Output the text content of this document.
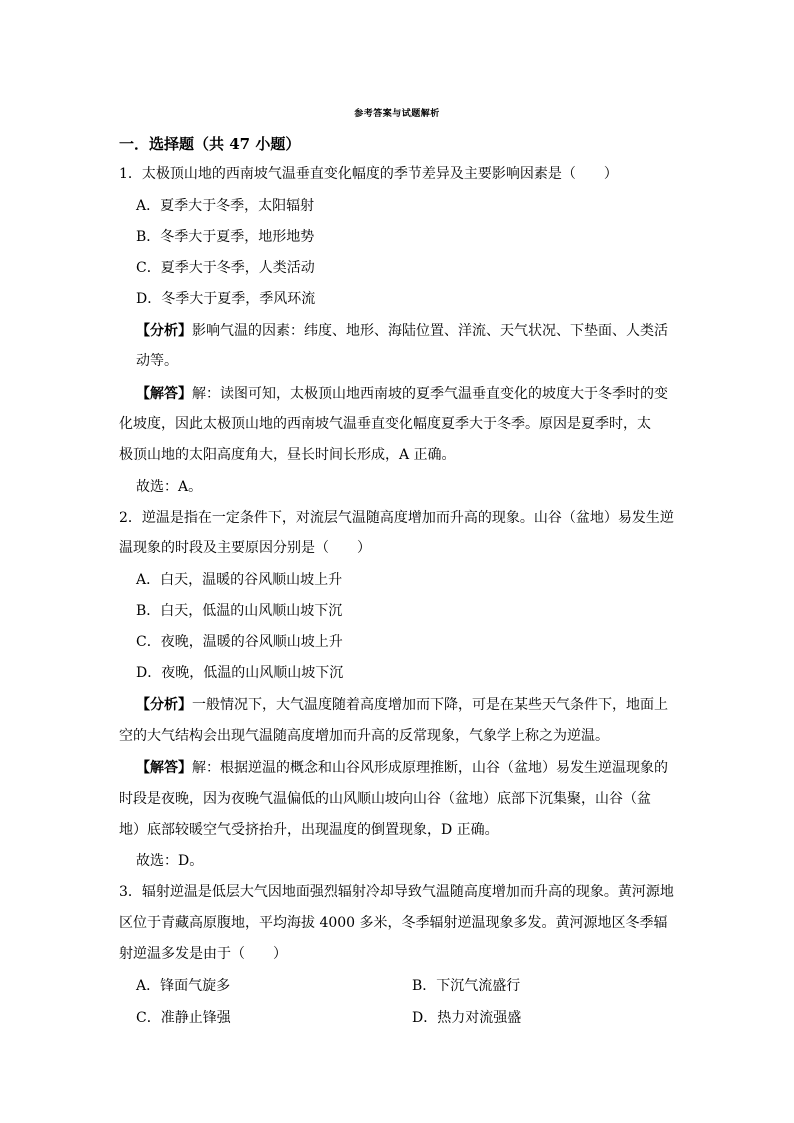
参考答案与试题解析
一．选择题（共 47 小题）
1．太极顶山地的西南坡气温垂直变化幅度的季节差异及主要影响因素是（　　）
A．夏季大于冬季，太阳辐射
B．冬季大于夏季，地形地势
C．夏季大于冬季，人类活动
D．冬季大于夏季，季风环流
【分析】影响气温的因素：纬度、地形、海陆位置、洋流、天气状况、下垫面、人类活
动等。
【解答】解：读图可知，太极顶山地西南坡的夏季气温垂直变化的坡度大于冬季时的变
化坡度，因此太极顶山地的西南坡气温垂直变化幅度夏季大于冬季。原因是夏季时，太
极顶山地的太阳高度角大，昼长时间长形成，A 正确。
故选：A。
2．逆温是指在一定条件下，对流层气温随高度增加而升高的现象。山谷（盆地）易发生逆
温现象的时段及主要原因分别是（　　）
A．白天，温暖的谷风顺山坡上升
B．白天，低温的山风顺山坡下沉
C．夜晚，温暖的谷风顺山坡上升
D．夜晚，低温的山风顺山坡下沉
【分析】一般情况下，大气温度随着高度增加而下降，可是在某些天气条件下，地面上
空的大气结构会出现气温随高度增加而升高的反常现象，气象学上称之为逆温。
【解答】解：根据逆温的概念和山谷风形成原理推断，山谷（盆地）易发生逆温现象的
时段是夜晚，因为夜晚气温偏低的山风顺山坡向山谷（盆地）底部下沉集聚，山谷（盆
地）底部较暖空气受挤抬升，出现温度的倒置现象，D 正确。
故选：D。
3．辐射逆温是低层大气因地面强烈辐射冷却导致气温随高度增加而升高的现象。黄河源地
区位于青藏高原腹地，平均海拔 4000 多米，冬季辐射逆温现象多发。黄河源地区冬季辐
射逆温多发是由于（　　）
A．锋面气旋多	B．下沉气流盛行
C．准静止锋强	D．热力对流强盛
